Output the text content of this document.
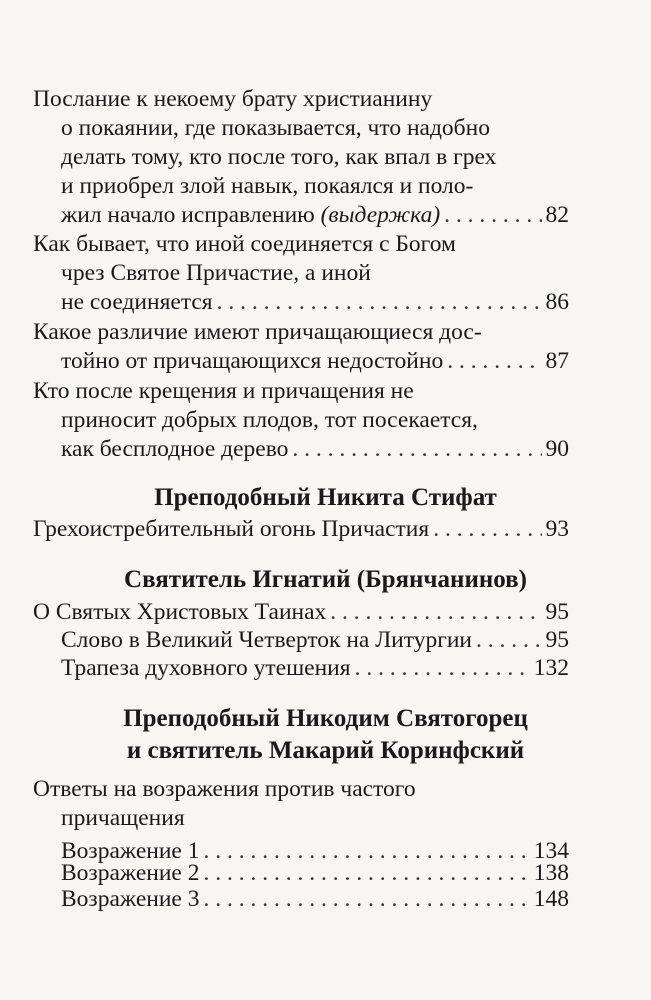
Послание к некоему брату христианину
о покаянии, где показывается, что надобно
делать тому, кто после того, как впал в грех
и приобрел злой навык, покаялся и поло-
жил начало исправлению (выдержка) . . .	82
Как бывает, что иной соединяется с Богом
чрез Святое Причастие, а иной
не соединяется . . .	86
Какое различие имеют причащающиеся дос-
тойно от причащающихся недостойно . . .	87
Кто после крещения и причащения не
приносит добрых плодов, тот посекается,
как бесплодное дерево . . .	90
Преподобный Никита Стифат
Грехоистребительный огонь Причастия . . .	93
Святитель Игнатий (Брянчанинов)
О Святых Христовых Таинах . . .	95
Слово в Великий Четверток на Литургии . . .	95
Трапеза духовного утешения . . .	132
Преподобный Никодим Святогорец
и святитель Макарий Коринфский
Ответы на возражения против частого
причащения
Возражение 1 . . .	134
Возражение 2 . . .	138
Возражение 3 . . .	148
